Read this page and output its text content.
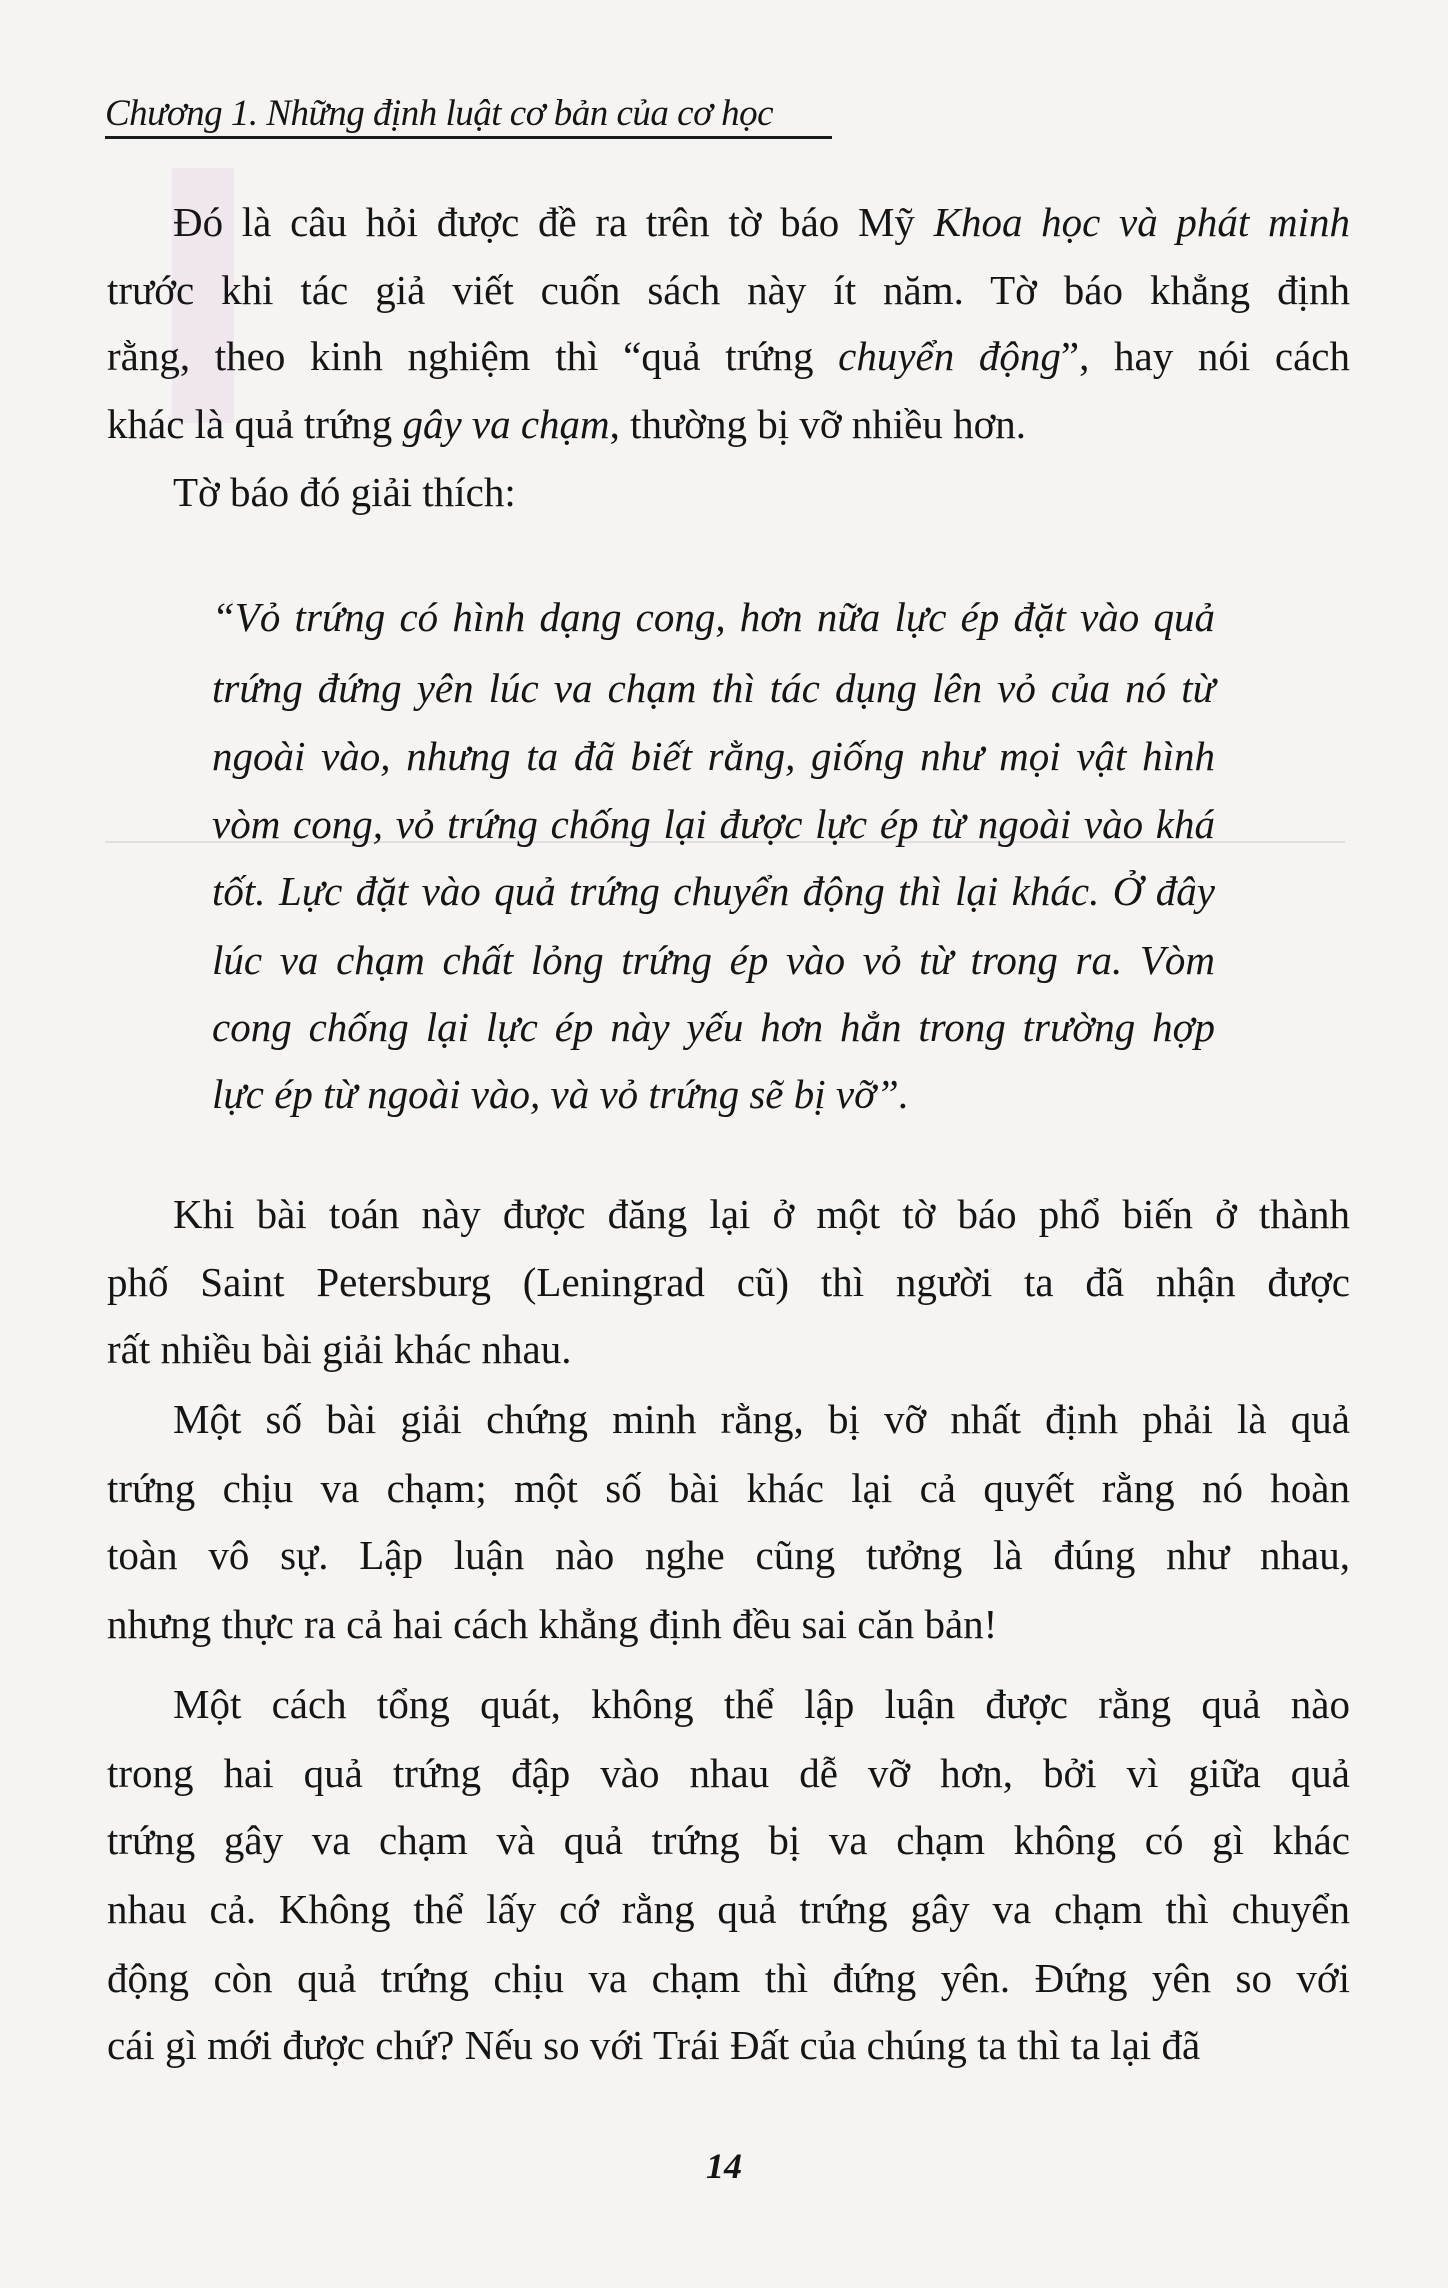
Chương 1. Những định luật cơ bản của cơ học
Đó là câu hỏi được đề ra trên tờ báo Mỹ Khoa học và phát minh
trước khi tác giả viết cuốn sách này ít năm. Tờ báo khẳng định
rằng, theo kinh nghiệm thì “quả trứng chuyển động”, hay nói cách
khác là quả trứng gây va chạm, thường bị vỡ nhiều hơn.
Tờ báo đó giải thích:
“Vỏ trứng có hình dạng cong, hơn nữa lực ép đặt vào quả
trứng đứng yên lúc va chạm thì tác dụng lên vỏ của nó từ
ngoài vào, nhưng ta đã biết rằng, giống như mọi vật hình
vòm cong, vỏ trứng chống lại được lực ép từ ngoài vào khá
tốt. Lực đặt vào quả trứng chuyển động thì lại khác. Ở đây
lúc va chạm chất lỏng trứng ép vào vỏ từ trong ra. Vòm
cong chống lại lực ép này yếu hơn hẳn trong trường hợp
lực ép từ ngoài vào, và vỏ trứng sẽ bị vỡ”.
Khi bài toán này được đăng lại ở một tờ báo phổ biến ở thành
phố Saint Petersburg (Leningrad cũ) thì người ta đã nhận được
rất nhiều bài giải khác nhau.
Một số bài giải chứng minh rằng, bị vỡ nhất định phải là quả
trứng chịu va chạm; một số bài khác lại cả quyết rằng nó hoàn
toàn vô sự. Lập luận nào nghe cũng tưởng là đúng như nhau,
nhưng thực ra cả hai cách khẳng định đều sai căn bản!
Một cách tổng quát, không thể lập luận được rằng quả nào
trong hai quả trứng đập vào nhau dễ vỡ hơn, bởi vì giữa quả
trứng gây va chạm và quả trứng bị va chạm không có gì khác
nhau cả. Không thể lấy cớ rằng quả trứng gây va chạm thì chuyển
động còn quả trứng chịu va chạm thì đứng yên. Đứng yên so với
cái gì mới được chứ? Nếu so với Trái Đất của chúng ta thì ta lại đã
14
